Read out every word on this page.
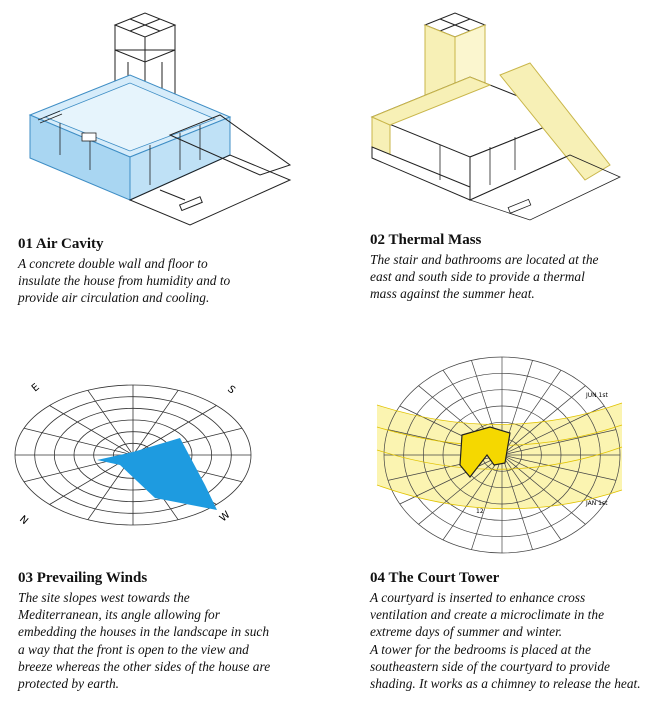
01 Air Cavity

A concrete double wall and floor to

insulate the house from humidity and to

provide air circulation and cooling.

02 Thermal Mass

The stair and bathrooms are located at the

east and south side to provide a thermal

mass against the summer heat.

E	S
N	W

03 Prevailing Winds

The site slopes west towards the

Mediterranean, its angle allowing for

embedding the houses in the landscape in such

a way that the front is open to the view and

breeze whereas the other sides of the house are

protected by earth.

JUN 1st
JAN 1st
12

04 The Court Tower

A courtyard is inserted to enhance cross

ventilation and create a microclimate in the

extreme days of summer and winter.

A tower for the bedrooms is placed at the

southeastern side of the courtyard to provide

shading. It works as a chimney to release the heat.
